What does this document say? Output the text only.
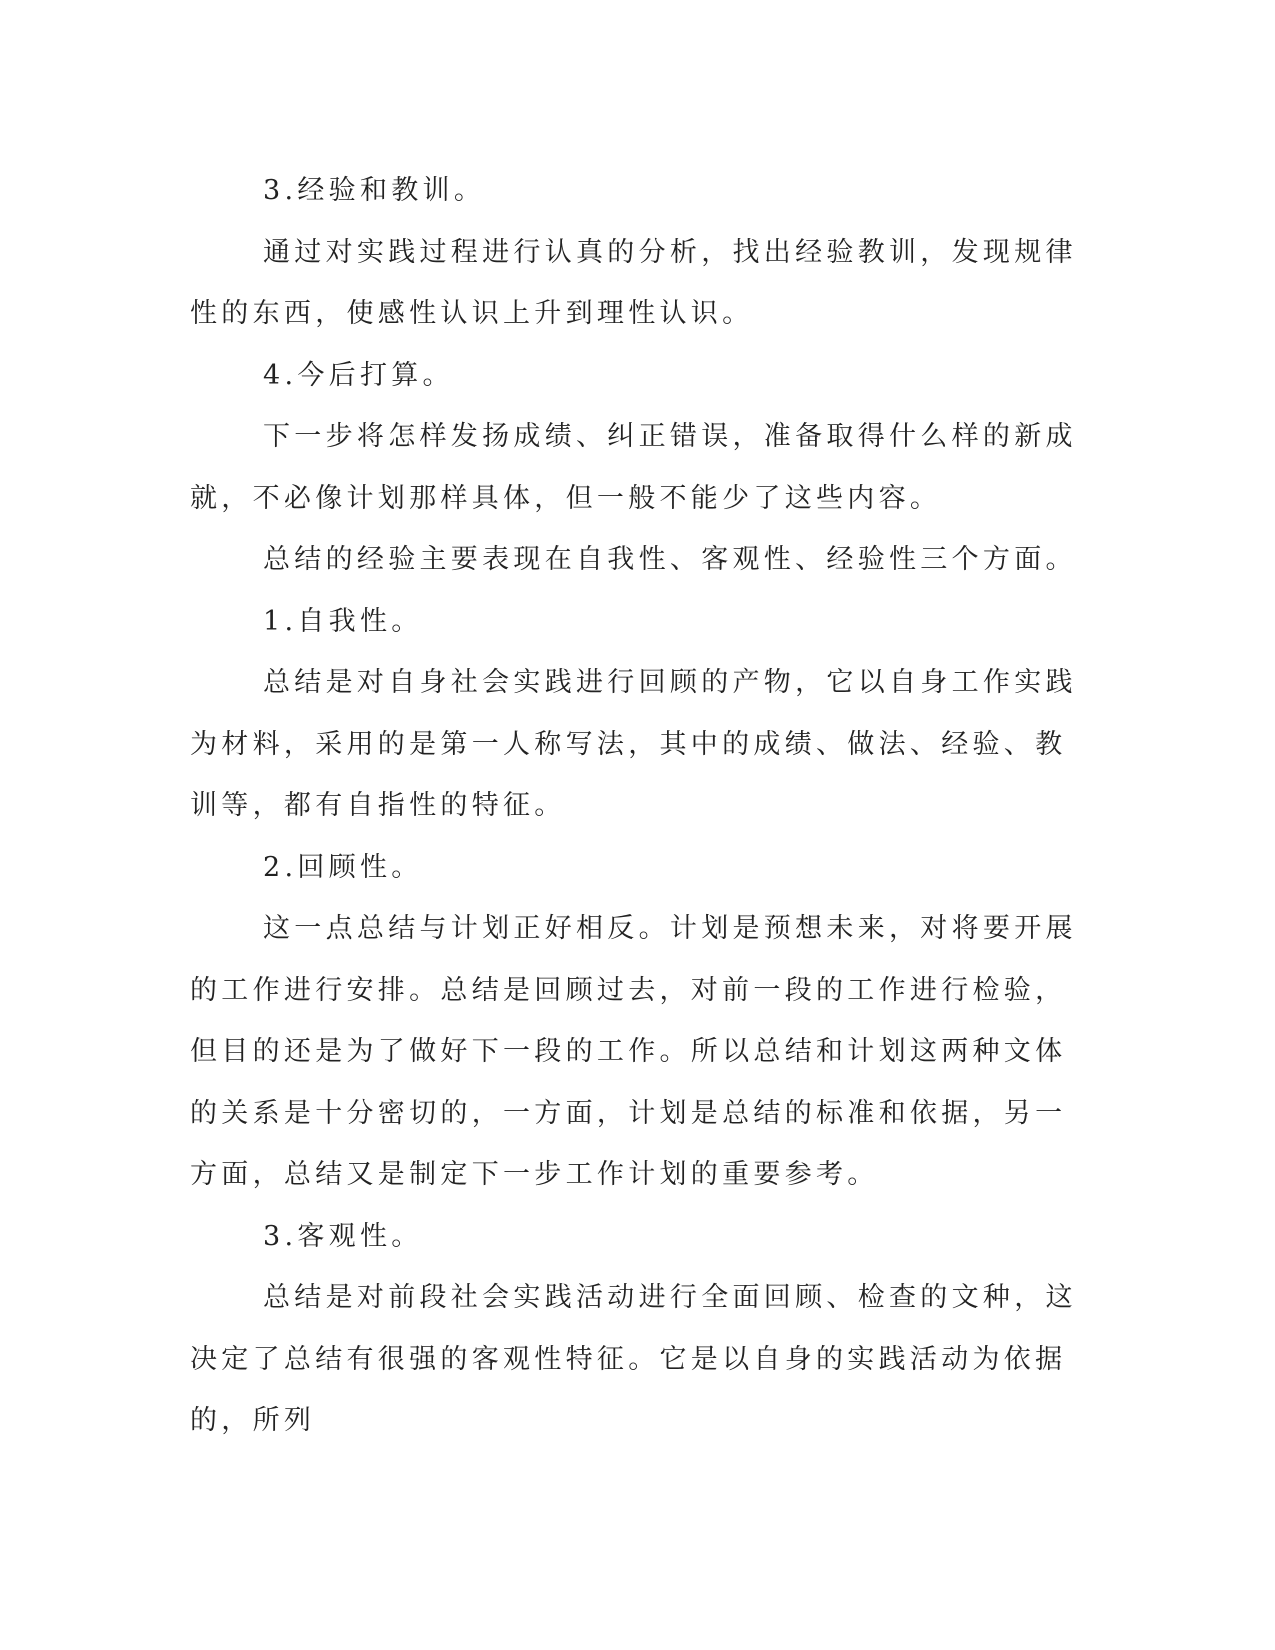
3.经验和教训。

通过对实践过程进行认真的分析，找出经验教训，发现规律性的东西，使感性认识上升到理性认识。

4.今后打算。

下一步将怎样发扬成绩、纠正错误，准备取得什么样的新成就，不必像计划那样具体，但一般不能少了这些内容。

总结的经验主要表现在自我性、客观性、经验性三个方面。

1.自我性。

总结是对自身社会实践进行回顾的产物，它以自身工作实践为材料，采用的是第一人称写法，其中的成绩、做法、经验、教训等，都有自指性的特征。

2.回顾性。

这一点总结与计划正好相反。计划是预想未来，对将要开展的工作进行安排。总结是回顾过去，对前一段的工作进行检验，但目的还是为了做好下一段的工作。所以总结和计划这两种文体的关系是十分密切的，一方面，计划是总结的标准和依据，另一方面，总结又是制定下一步工作计划的重要参考。

3.客观性。

总结是对前段社会实践活动进行全面回顾、检查的文种，这决定了总结有很强的客观性特征。它是以自身的实践活动为依据的，所列
